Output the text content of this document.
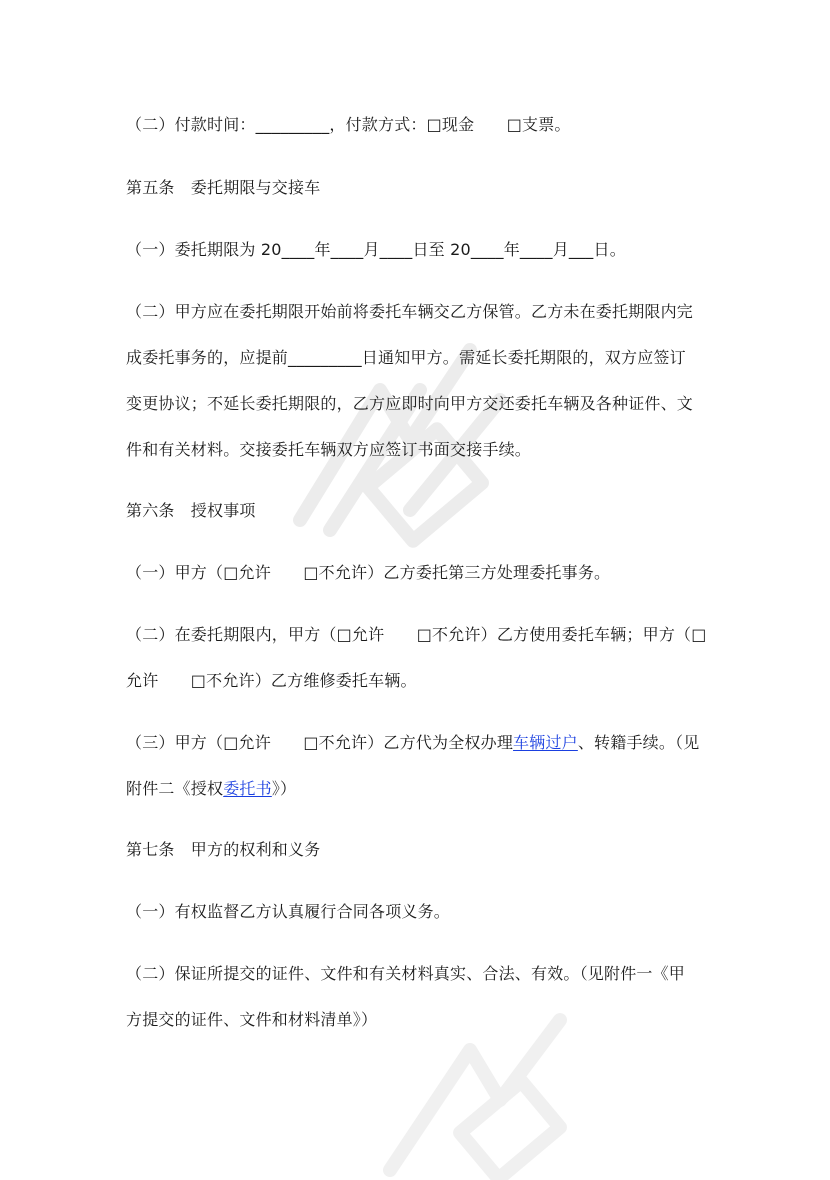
（二）付款时间：_________，付款方式：□现金　　□支票。
第五条　委托期限与交接车
（一）委托期限为 20____年____月____日至 20____年____月___日。
（二）甲方应在委托期限开始前将委托车辆交乙方保管。乙方未在委托期限内完
成委托事务的，应提前_________日通知甲方。需延长委托期限的，双方应签订
变更协议；不延长委托期限的，乙方应即时向甲方交还委托车辆及各种证件、文
件和有关材料。交接委托车辆双方应签订书面交接手续。
第六条　授权事项
（一）甲方（□允许　　□不允许）乙方委托第三方处理委托事务。
（二）在委托期限内，甲方（□允许　　□不允许）乙方使用委托车辆；甲方（□
允许　　□不允许）乙方维修委托车辆。
（三）甲方（□允许　　□不允许）乙方代为全权办理车辆过户、转籍手续。（见
附件二《授权委托书》）
第七条　甲方的权利和义务
（一）有权监督乙方认真履行合同各项义务。
（二）保证所提交的证件、文件和有关材料真实、合法、有效。（见附件一《甲
方提交的证件、文件和材料清单》）
